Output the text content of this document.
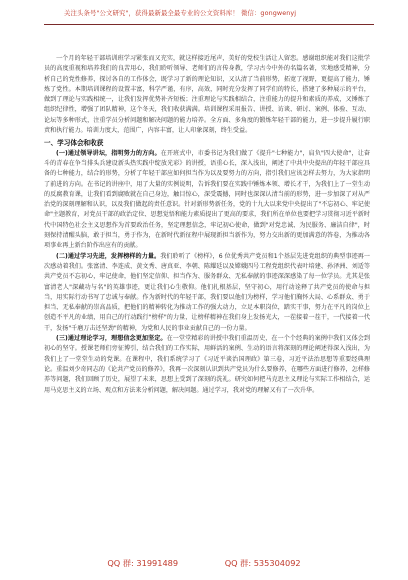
关注头条号"公文研究"，获得最新最全最专业的公文资料库！ 微信：gongwenyj

一个月的年轻干部培训班学习紧张而又充实，就这样接近尾声，美好的党校生活让人留恋。感谢组织能对我们这批学员的高度重视和培养我们的良苦用心，我们聆听领导、老师们的言传身教，学习古今中外的名篇名著，实地感受精神，分析自己的党性修养，探讨各自的工作体会，既学习了新的理论知识，又认清了当前形势，拓宽了视野，更提高了能力，锤炼了党性。本期培训课程的设置丰富，科学严谨，有序，高效，同时充分发挥了同学们的特长，搭建了多种展示的平台，做到了理论与实践相统一，让我们发挥优势补齐短板；注重理论与实践相结合，注重能力的提升和素质的养成，又锤炼了组织纪律性，增强了团队精神，这个冬天，我们收获满满。培训课程采用报告、讲授、访谈、研讨、案例、体验、互动、论坛等多种形式，注重学员分析问题和解决问题的能力培养。全方面、多角度的锻炼年轻干部的能力，进一步提升履行职责和执行能力。培训力度大，范围广，内容丰富，让人印象深刻，终生受益。

一、学习体会和收获

(一)通过领导讲坛，指明努力的方向。在开班式中，市委书记为我们做了《提升"七种能力"，肩负"四大使命"，让奋斗的青春在争当排头兵建设新头热实践中绽放光彩》的讲授，语重心长，深入浅出，阐述了中共中央提出的年轻干部应具备的七种能力，结合的形势，分析了年轻干部应如何担当作为以及要努力的方向，指引我们应该怎样去努力，为大家指明了前进的方向。在书记的讲座中，用了大量的实例说明，告诉我们要在实践中锤炼本领、增长才干，为我们上了一堂生动的反腐教育课，让我们看到腐败就在自己身边，触目惊心，深受震撼，同时也深深认清当前的形势，进一步加深了对从严治党的深刻理解和认识，以及我们做起的责任意识。针对新形势新任务，党的十九大以来党中央提出了"不忘初心、牢记使命"主题教育，对党员干部的政治定位、思想觉悟和能力素质提出了更高的要求，我们所在单位也要把学习贯彻习近平新时代中国特色社会主义思想作为首要政治任务，坚定理想信念，牢记初心使命，做到"对党忠诚、为民服务、廉洁自律"，时刻保持清醒头脑，敢于担当，勇于作为，在新时代新征程中展现新担当新作为，努力交出新的更加满意的答卷，为推动各项事业再上新台阶作出应有的贡献。

(二)通过学习先进，发挥榜样的力量。我们聆听了《榜样》，6 位优秀共产党员和1个基层先进党组织的典型事迹再一次感动着我们。张富清、李连成、黄文秀、唐真亚、李朝、陈耀廷以及嫦娥四号工程党组织代表叶培建、孙泽洲、刘适等共产党员不忘初心，牢记使命，他们坚定信仰、担当作为、服务群众、无私奉献的事迹深深感染了每一位学员。尤其是张富清老人"深藏功与名"的英雄事迹，更让我们心生敬仰。他们扎根基层，坚守初心，用行动诠释了共产党员的使命与担当，用实际行动书写了忠诚与奉献。作为新时代的年轻干部，我们要以他们为榜样，学习他们胸怀大局、心系群众、勇于担当、无私奉献的崇高品质，把他们的精神转化为推动工作的强大动力，立足本职岗位，踏实干事，努力在平凡的岗位上创造不平凡的业绩，用自己的行动践行"榜样"的力量，让榜样精神在我们身上发扬光大，一茬接着一茬干，一代接着一代干，发扬"千磨万击还坚劲"的精神，为党和人民的事业贡献自己的一份力量。

(三)通过理论学习，理想信念更加坚定。在一堂堂精彩的讲授中我们重温历史，在一个个经典的案例中我们又体会到初心的坚守。授课老师们旁征博引，结合我们的工作实际，用鲜活的案例、生动的语言将深刻的理论阐述得深入浅出，为我们上了一堂堂生动的党课。在课程中，我们系统学习了《习近平谈治国理政》第三卷，习近平法治思想等重要经典理论。重温刘少奇同志的《论共产党员的修养》，我再一次深刻认识到共产党员为什么要修养，在哪些方面进行修养，怎样修养等问题，我们回顾了历史，展望了未来，思想上受到了深刻的洗礼。研究如何把马克思主义理论与实际工作相结合，运用马克思主义的立场、观点和方法来分析问题，解决问题。通过学习，我对党的理解又有了一次升华。

QQ 群: 31991489	QQ 群: 535304092
